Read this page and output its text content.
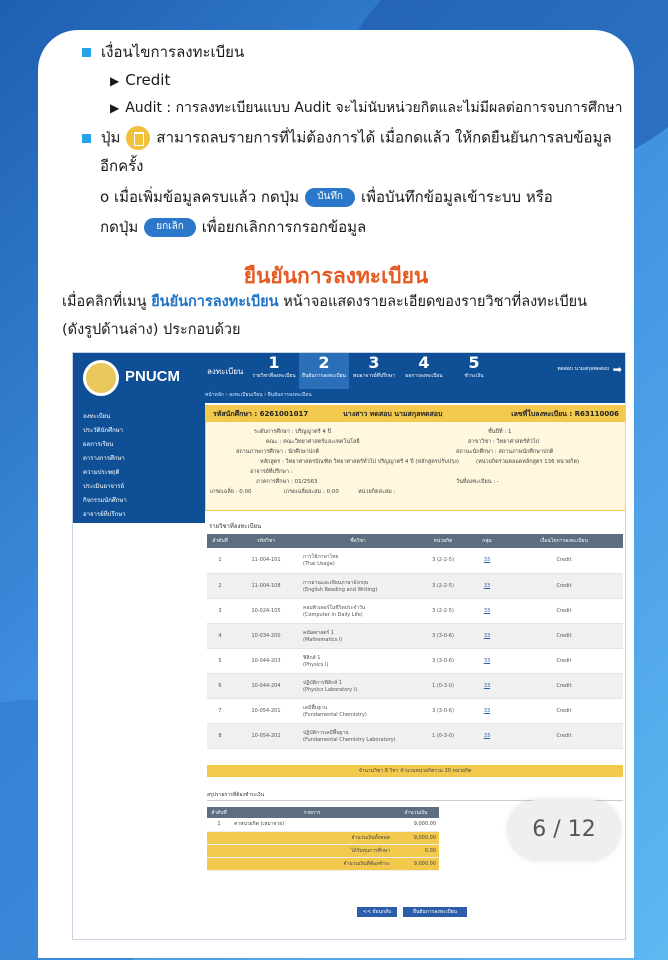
เงื่อนไขการลงทะเบียน
▶ Credit
▶ Audit : การลงทะเบียนแบบ Audit จะไม่นับหน่วยกิตและไม่มีผลต่อการจบการศึกษา
ปุ่ม สามารถลบรายการที่ไม่ต้องการได้ เมื่อกดแล้ว ให้กดยืนยันการลบข้อมูล
อีกครั้ง
o เมื่อเพิ่มข้อมูลครบแล้ว กดปุ่ม บันทึก เพื่อบันทึกข้อมูลเข้าระบบ หรือ
กดปุ่ม ยกเลิก เพื่อยกเลิกการกรอกข้อมูล
ยืนยันการลงทะเบียน
เมื่อคลิกที่เมนู ยืนยันการลงทะเบียน หน้าจอแสดงรายละเอียดของรายวิชาที่ลงทะเบียน
(ดังรูปด้านล่าง) ประกอบด้วย
PNUCM	ลงทะเบียน	1
รายวิชาที่ลงทะเบียน
2
ยืนยันการลงทะเบียน
3
พบอาจารย์ที่ปรึกษา
4
ผลการลงทะเบียน
5
ชำระเงิน
ทดสอบ นามสกุลทดสอบ ➡
หน้าหลัก › ลงทะเบียนเรียน › ยืนยันการลงทะเบียน
ลงทะเบียน
ประวัตินักศึกษา
ผลการเรียน
ตารางการศึกษา
ความประพฤติ
ประเมินอาจารย์
กิจกรรมนักศึกษา
อาจารย์ที่ปรึกษา
รหัสนักศึกษา : 6261001017	นางสาว ทดสอบ นามสกุลทดสอบ	เลขที่ใบลงทะเบียน : R63110006
ระดับการศึกษา : ปริญญาตรี 4 ปี
คณะ : คณะวิทยาศาสตร์และเทคโนโลยี
สถานภาพการศึกษา : นักศึกษาปกติ
หลักสูตร : วิทยาศาสตรบัณฑิต วิทยาศาสตร์ทั่วไป ปริญญาตรี 4 ปี (หลักสูตรปรับปรุง)
อาจารย์ที่ปรึกษา :
ภาคการศึกษา : 01/2563
เกรดเฉลี่ย : 0.00	เกรดเฉลี่ยสะสม : 0.00	หน่วยกิตสะสม :
ชั้นปีที่ : 1
สาขาวิชา : วิทยาศาสตร์ทั่วไป
สถานะนักศึกษา : สถานภาพนักศึกษาปกติ
(หน่วยกิตรวมตลอดหลักสูตร 136 หน่วยกิต)
วันที่ลงทะเบียน : -
รายวิชาที่ลงทะเบียน
ลำดับที่	รหัสวิชา	ชื่อวิชา	หน่วยกิต	กลุ่ม	เงื่อนไขการลงทะเบียน
1	11-004-101	การใช้ภาษาไทย
(Thai Usage)	3 (2-2-5)	33	Credit
2	11-004-108	การอ่านและเขียนภาษาอังกฤษ
(English Reading and Writing)	3 (2-2-5)	33	Credit
3	10-024-105	คอมพิวเตอร์ในชีวิตประจำวัน
(Computer in Daily Life)	3 (2-2-5)	33	Credit
4	10-034-200	คณิตศาสตร์ 1
(Mathematics I)	3 (3-0-6)	33	Credit
5	10-044-203	ฟิสิกส์ 1
(Physics I)	3 (3-0-6)	33	Credit
6	10-044-204	ปฏิบัติการฟิสิกส์ 1
(Physics Laboratory I)	1 (0-3-0)	33	Credit
7	10-054-201	เคมีพื้นฐาน
(Fundamental Chemistry)	3 (3-0-6)	33	Credit
8	10-054-202	ปฏิบัติการเคมีพื้นฐาน
(Fundamental Chemistry Laboratory)	1 (0-3-0)	33	Credit
จำนวนวิชา 8 วิชา จำนวนหน่วยกิตรวม 20 หน่วยกิต
สรุปรายการที่ต้องชำระเงิน
ลำดับที่	รายการ	จำนวนเงิน
1	ค่าหน่วยกิต (เหมาจ่าย)	9,000.00
จำนวนเงินทั้งหมด		9,000.00
ได้รับทุนการศึกษา		0.00
จำนวนเงินที่ต้องชำระ		9,000.00
<< ย้อนกลับ	ยืนยันการลงทะเบียน
6 / 12
